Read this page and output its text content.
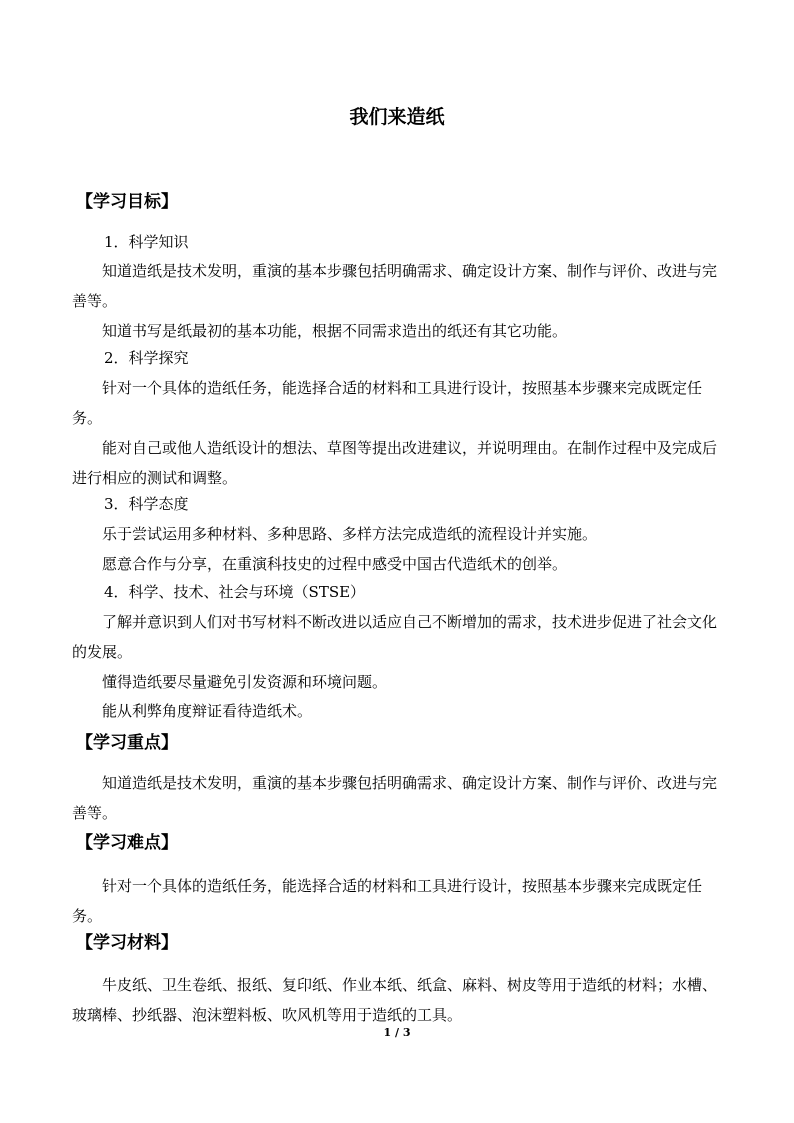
我们来造纸
【学习目标】
1．科学知识

知道造纸是技术发明，重演的基本步骤包括明确需求、确定设计方案、制作与评价、改进与完善等。

知道书写是纸最初的基本功能，根据不同需求造出的纸还有其它功能。

2．科学探究

针对一个具体的造纸任务，能选择合适的材料和工具进行设计，按照基本步骤来完成既定任务。

能对自己或他人造纸设计的想法、草图等提出改进建议，并说明理由。在制作过程中及完成后进行相应的测试和调整。

3．科学态度

乐于尝试运用多种材料、多种思路、多样方法完成造纸的流程设计并实施。

愿意合作与分享，在重演科技史的过程中感受中国古代造纸术的创举。

4．科学、技术、社会与环境（STSE）

了解并意识到人们对书写材料不断改进以适应自己不断增加的需求，技术进步促进了社会文化的发展。

懂得造纸要尽量避免引发资源和环境问题。

能从利弊角度辩证看待造纸术。

【学习重点】

知道造纸是技术发明，重演的基本步骤包括明确需求、确定设计方案、制作与评价、改进与完善等。

【学习难点】

针对一个具体的造纸任务，能选择合适的材料和工具进行设计，按照基本步骤来完成既定任务。

【学习材料】

牛皮纸、卫生卷纸、报纸、复印纸、作业本纸、纸盒、麻料、树皮等用于造纸的材料；水槽、玻璃棒、抄纸器、泡沫塑料板、吹风机等用于造纸的工具。

1 / 3
